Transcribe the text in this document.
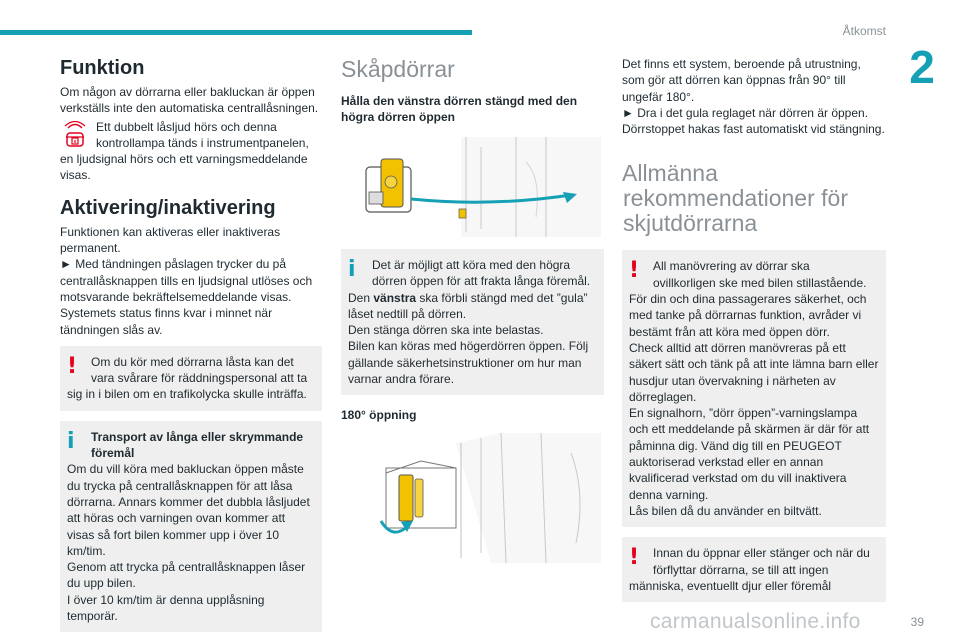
Åtkomst
2
Funktion

Om någon av dörrarna eller bakluckan är öppen verkställs inte den automatiska centrallåsningen.

Ett dubbelt låsljud hörs och denna

kontrollampa tänds i instrumentpanelen,

en ljudsignal hörs och ett varningsmeddelande visas.

Aktivering/inaktivering

Funktionen kan aktiveras eller inaktiveras permanent.

► Med tändningen påslagen trycker du på centrallåsknappen tills en ljudsignal utlöses och motsvarande bekräftelsemeddelande visas.

Systemets status finns kvar i minnet när tändningen slås av.

!	Om du kör med dörrarna låsta kan det

vara svårare för räddningspersonal att ta

sig in i bilen om en trafikolycka skulle inträffa.

i	Transport av långa eller skrymmande

föremål

Om du vill köra med bakluckan öppen måste du trycka på centrallåsknappen för att låsa dörrarna. Annars kommer det dubbla låsljudet att höras och varningen ovan kommer att visas så fort bilen kommer upp i över 10 km/tim.

Genom att trycka på centrallåsknappen låser du upp bilen.

I över 10 km/tim är denna upplåsning temporär.

Skåpdörrar

Hålla den vänstra dörren stängd med den högra dörren öppen

i	Det är möjligt att köra med den högra

dörren öppen för att frakta långa föremål.

Den vänstra ska förbli stängd med det ”gula” låset nedtill på dörren.

Den stänga dörren ska inte belastas.

Bilen kan köras med högerdörren öppen. Följ gällande säkerhetsinstruktioner om hur man varnar andra förare.

180° öppning

Det finns ett system, beroende på utrustning, som gör att dörren kan öppnas från 90° till ungefär 180°.

► Dra i det gula reglaget när dörren är öppen.

Dörrstoppet hakas fast automatiskt vid stängning.

Allmänna
rekommendationer för
skjutdörrarna
!	All manövrering av dörrar ska

ovillkorligen ske med bilen stillastående.

För din och dina passagerares säkerhet, och med tanke på dörrarnas funktion, avråder vi bestämt från att köra med öppen dörr.

Check alltid att dörren manövreras på ett säkert sätt och tänk på att inte lämna barn eller husdjur utan övervakning i närheten av dörreglagen.

En signalhorn, ”dörr öppen”-varningslampa och ett meddelande på skärmen är där för att påminna dig. Vänd dig till en PEUGEOT auktoriserad verkstad eller en annan kvalificerad verkstad om du vill inaktivera denna varning.

Lås bilen då du använder en biltvätt.

!	Innan du öppnar eller stänger och när du

förflyttar dörrarna, se till att ingen

människa, eventuellt djur eller föremål

carmanualsonline.info	39
